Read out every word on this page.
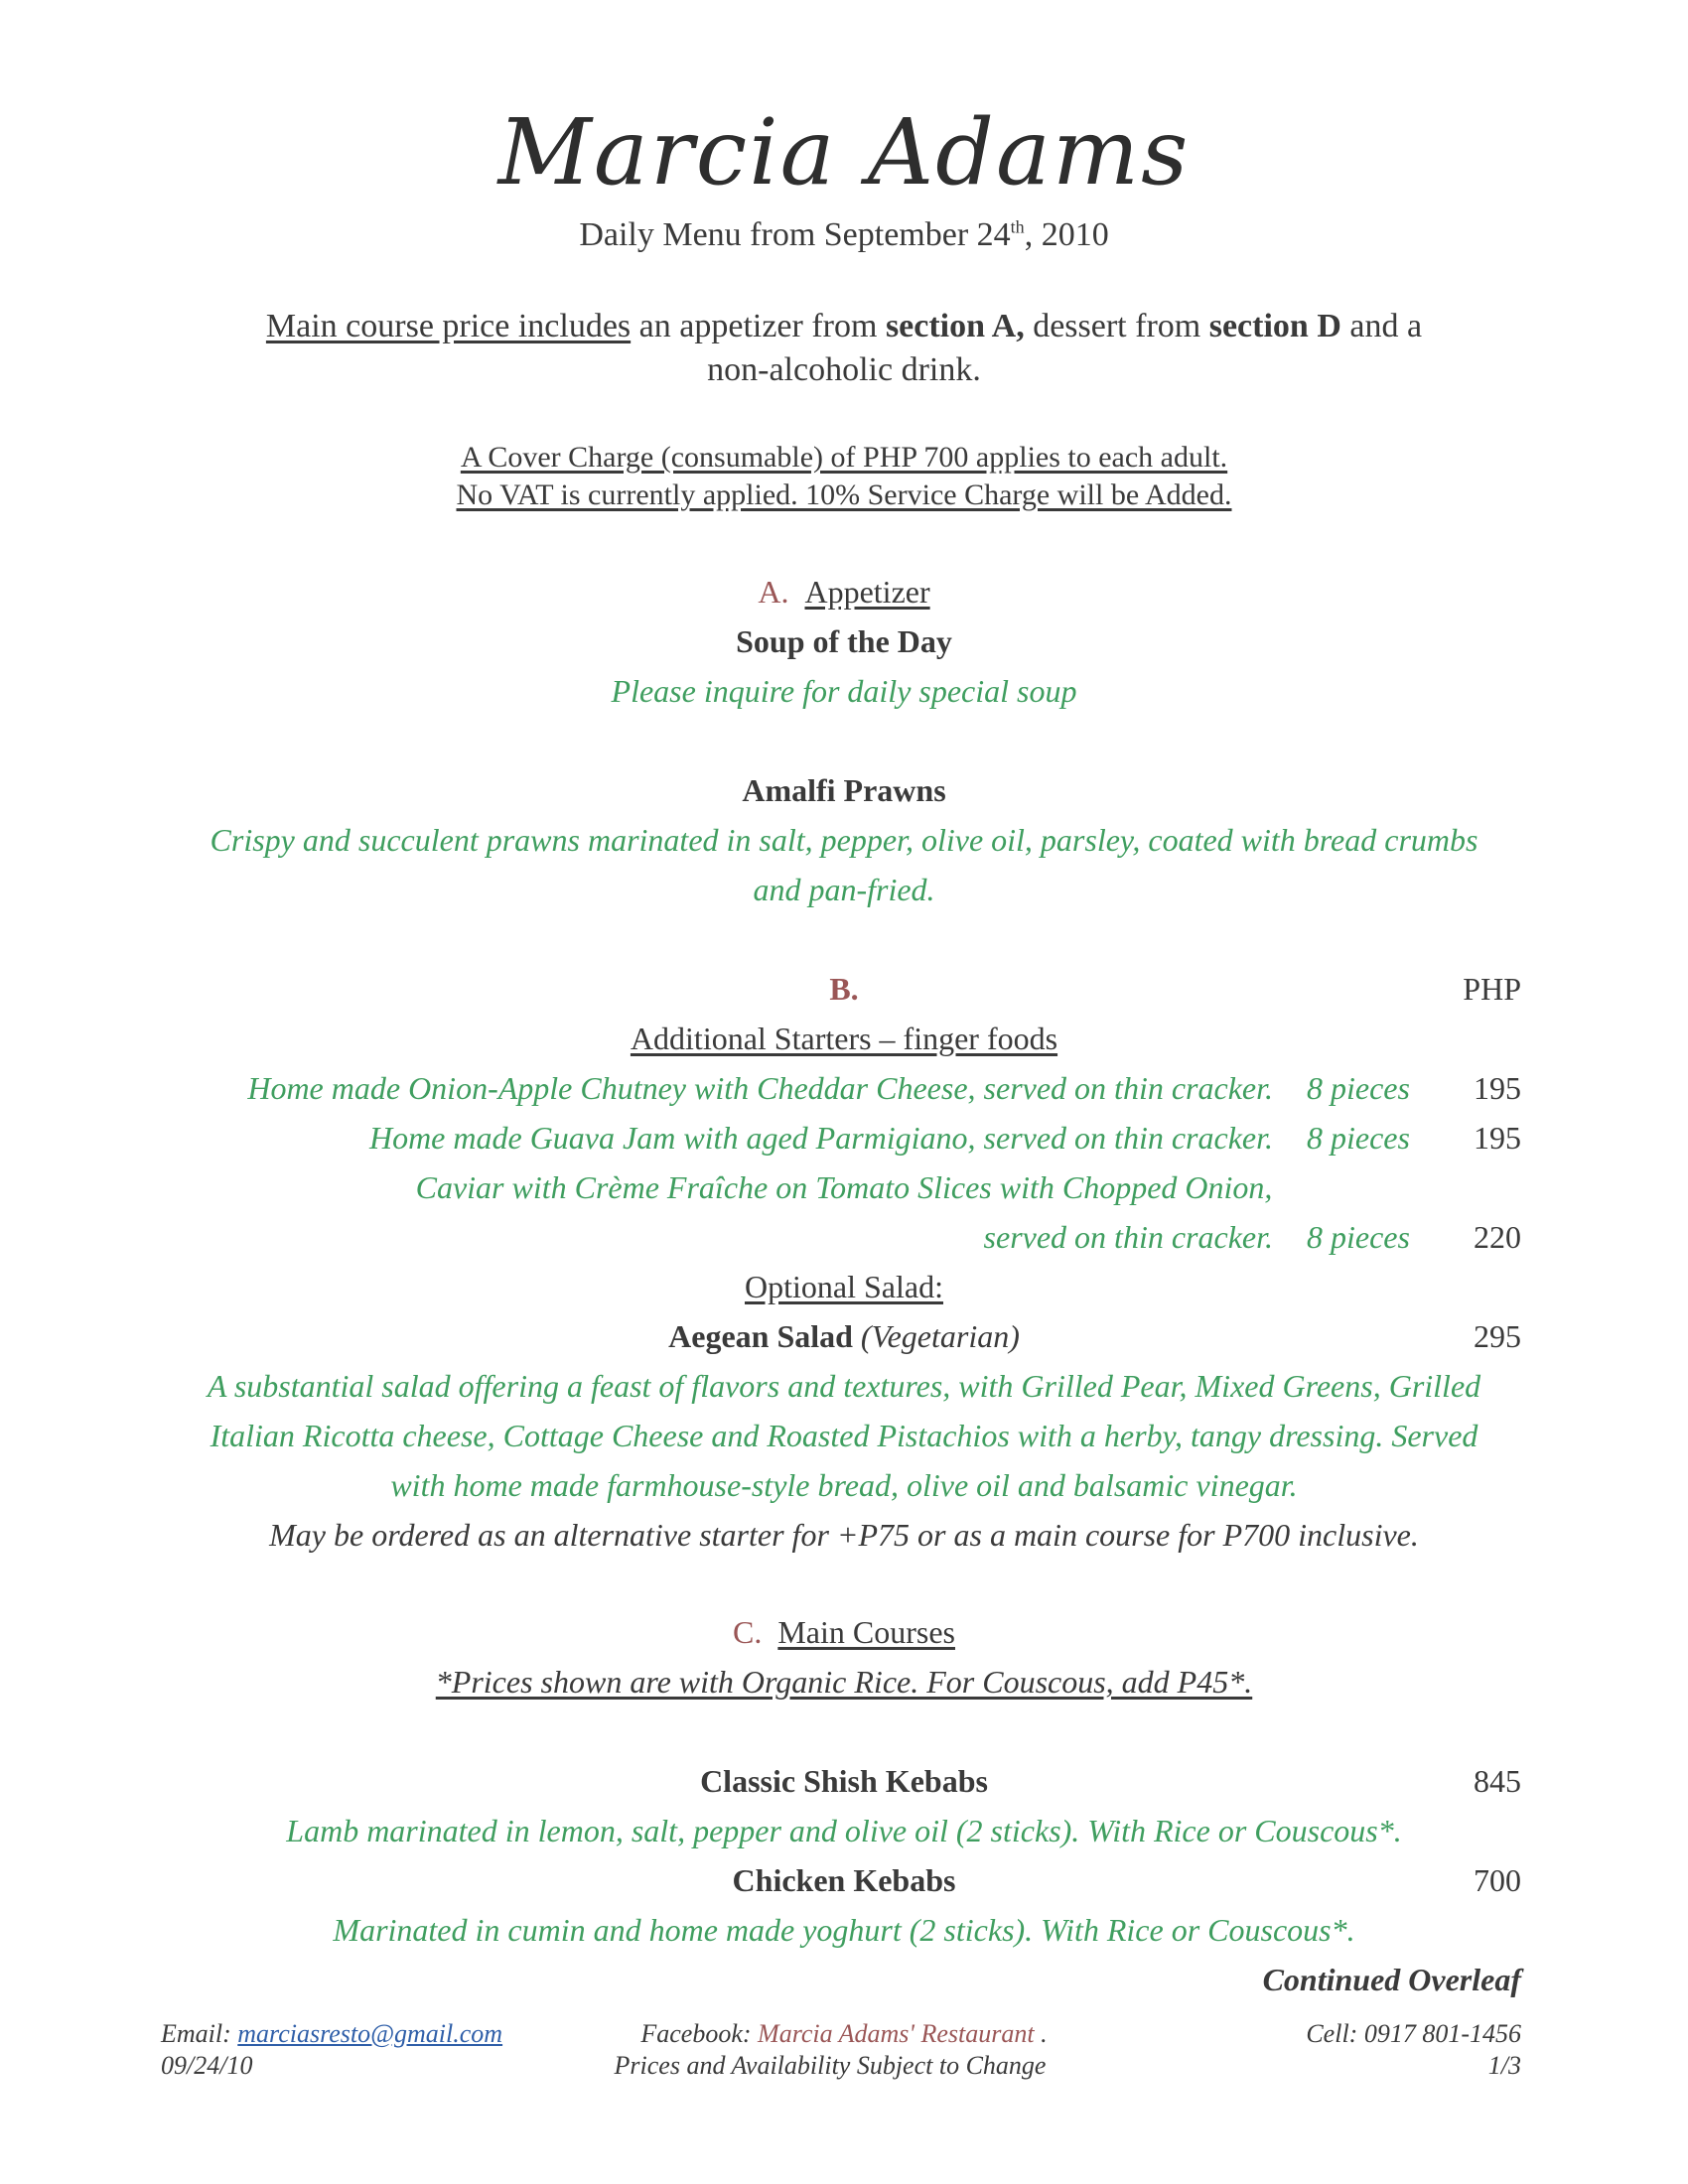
Marcia Adams
Daily Menu from September 24th, 2010
Main course price includes an appetizer from section A, dessert from section D and a
non-alcoholic drink.
A Cover Charge (consumable) of PHP 700 applies to each adult.
No VAT is currently applied. 10% Service Charge will be Added.
A. Appetizer
Soup of the Day
Please inquire for daily special soup
Amalfi Prawns
Crispy and succulent prawns marinated in salt, pepper, olive oil, parsley, coated with bread crumbs
and pan-fried.
B.	PHP
Additional Starters – finger foods
Home made Onion-Apple Chutney with Cheddar Cheese, served on thin cracker. 8 pieces 195
Home made Guava Jam with aged Parmigiano, served on thin cracker. 8 pieces 195
Caviar with Crème Fraîche on Tomato Slices with Chopped Onion,
served on thin cracker. 8 pieces 220
Optional Salad:
Aegean Salad (Vegetarian)	295
A substantial salad offering a feast of flavors and textures, with Grilled Pear, Mixed Greens, Grilled
Italian Ricotta cheese, Cottage Cheese and Roasted Pistachios with a herby, tangy dressing. Served
with home made farmhouse-style bread, olive oil and balsamic vinegar.
May be ordered as an alternative starter for +P75 or as a main course for P700 inclusive.
C. Main Courses
*Prices shown are with Organic Rice. For Couscous, add P45*.
Classic Shish Kebabs	845
Lamb marinated in lemon, salt, pepper and olive oil (2 sticks). With Rice or Couscous*.
Chicken Kebabs	700
Marinated in cumin and home made yoghurt (2 sticks). With Rice or Couscous*.
Continued Overleaf
Email: marciasresto@gmail.com
09/24/10
Facebook: Marcia Adams' Restaurant .
Prices and Availability Subject to Change
Cell: 0917 801-1456
1/3
